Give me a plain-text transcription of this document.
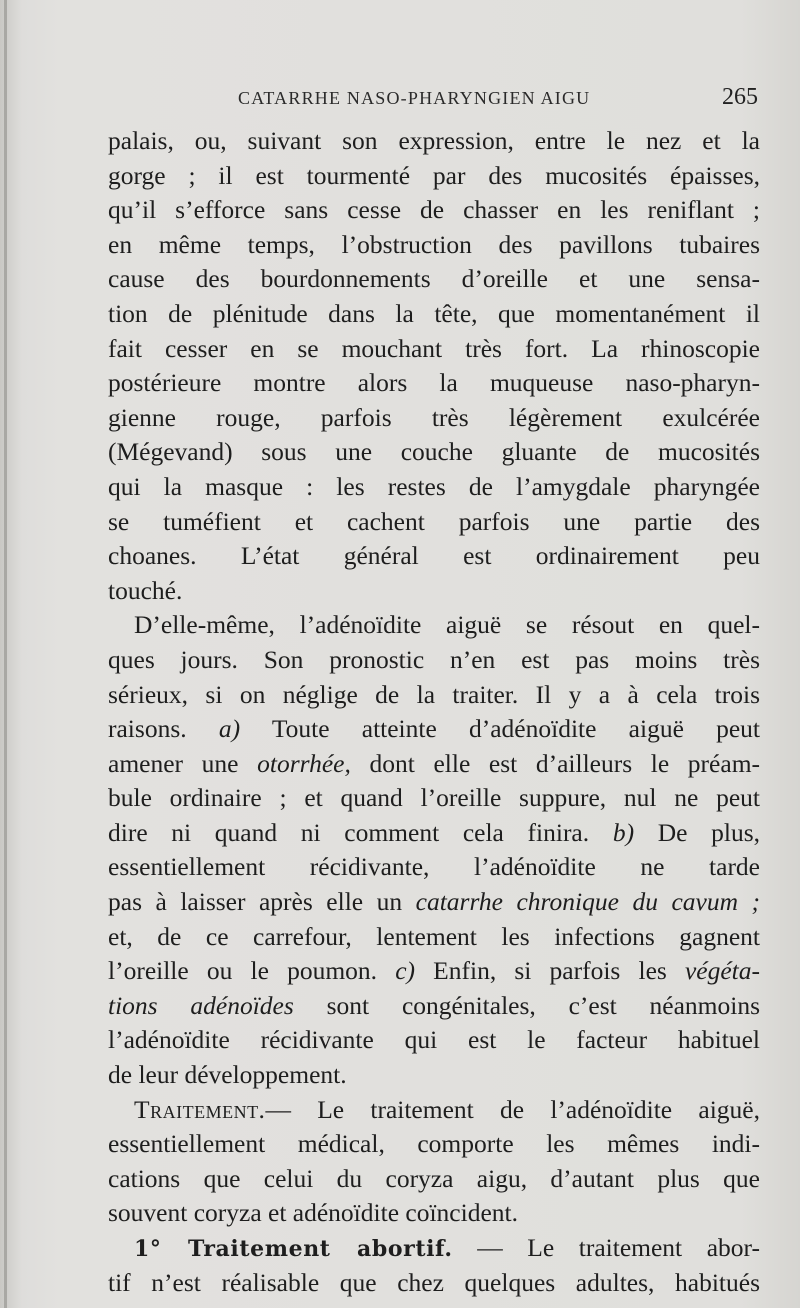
CATARRHE NASO-PHARYNGIEN AIGU	265
palais, ou, suivant son expression, entre le nez et la
gorge ; il est tourmenté par des mucosités épaisses,
qu’il s’efforce sans cesse de chasser en les reniflant ;
en même temps, l’obstruction des pavillons tubaires
cause des bourdonnements d’oreille et une sensa-
tion de plénitude dans la tête, que momentanément il
fait cesser en se mouchant très fort. La rhinoscopie
postérieure montre alors la muqueuse naso-pharyn-
gienne rouge, parfois très légèrement exulcérée
(Mégevand) sous une couche gluante de mucosités
qui la masque : les restes de l’amygdale pharyngée
se tuméfient et cachent parfois une partie des
choanes. L’état général est ordinairement peu
touché.
D’elle-même, l’adénoïdite aiguë se résout en quel-
ques jours. Son pronostic n’en est pas moins très
sérieux, si on néglige de la traiter. Il y a à cela trois
raisons. a) Toute atteinte d’adénoïdite aiguë peut
amener une otorrhée, dont elle est d’ailleurs le préam-
bule ordinaire ; et quand l’oreille suppure, nul ne peut
dire ni quand ni comment cela finira. b) De plus,
essentiellement récidivante, l’adénoïdite ne tarde
pas à laisser après elle un catarrhe chronique du cavum ;
et, de ce carrefour, lentement les infections gagnent
l’oreille ou le poumon. c) Enfin, si parfois les végéta-
tions adénoïdes sont congénitales, c’est néanmoins
l’adénoïdite récidivante qui est le facteur habituel
de leur développement.
Traitement.— Le traitement de l’adénoïdite aiguë,
essentiellement médical, comporte les mêmes indi-
cations que celui du coryza aigu, d’autant plus que
souvent coryza et adénoïdite coïncident.
1° Traitement abortif. — Le traitement abor-
tif n’est réalisable que chez quelques adultes, habitués
